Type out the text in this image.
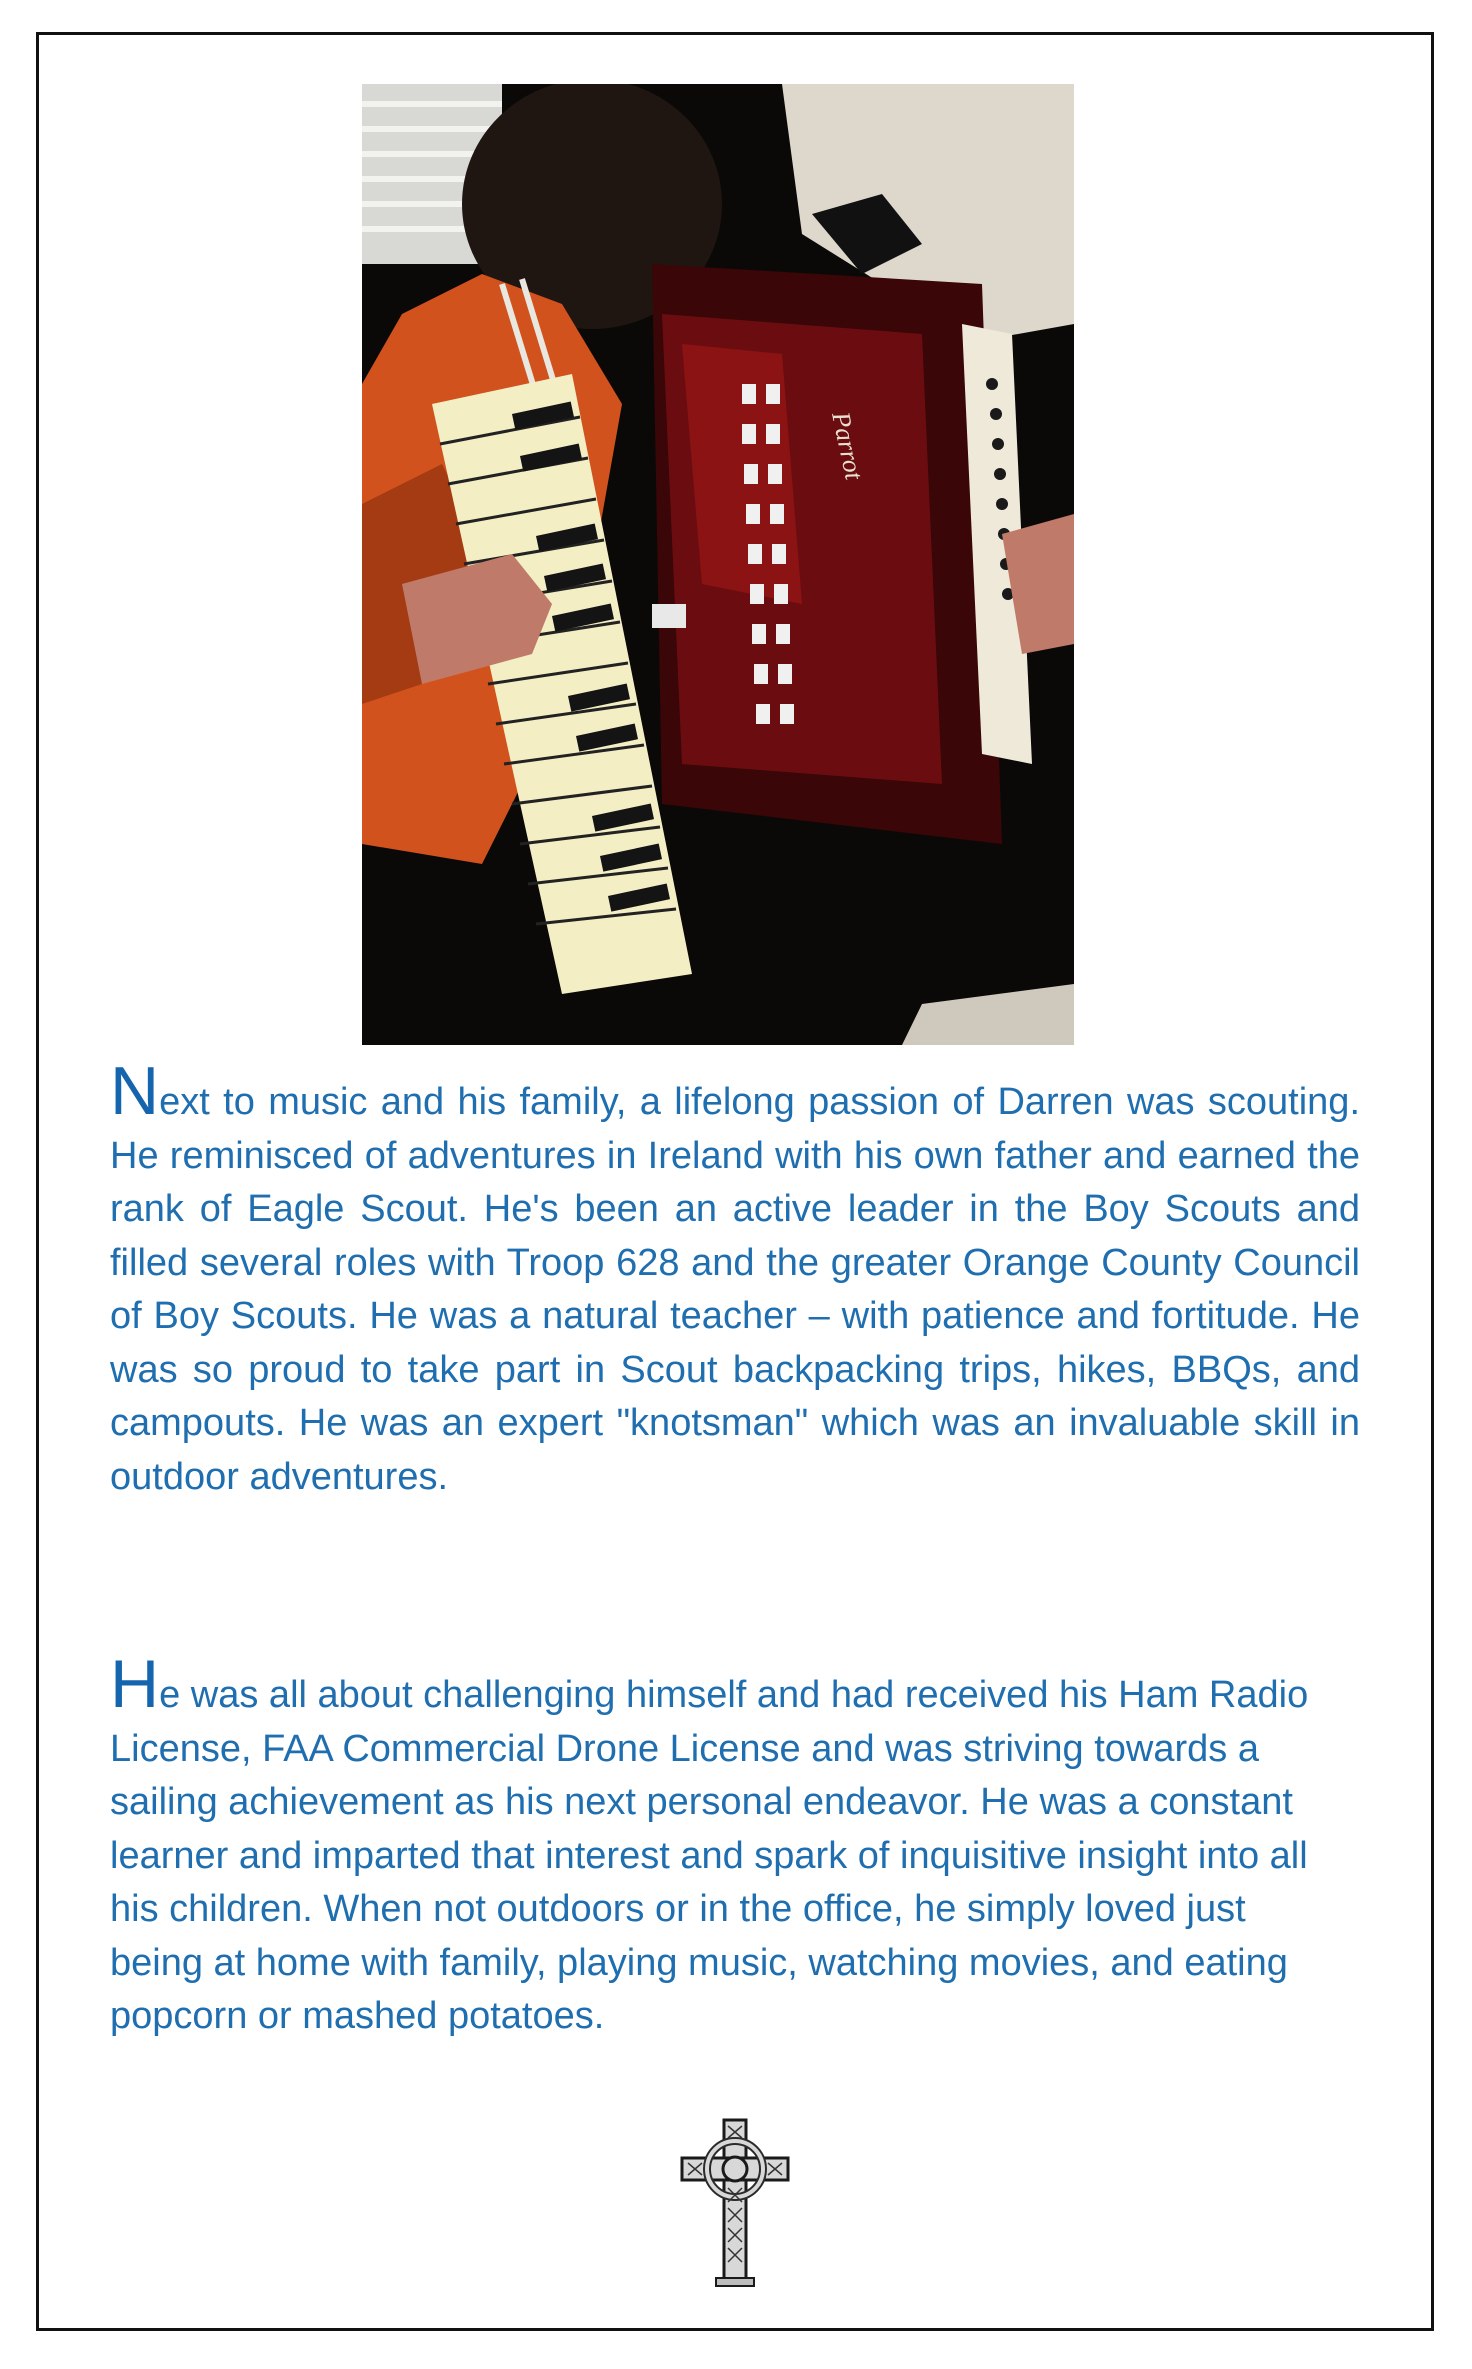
Parrot

Next to music and his family, a lifelong passion of Darren was scouting. He reminisced of adventures in Ireland with his own father and earned the rank of Eagle Scout. He's been an active leader in the Boy Scouts and filled several roles with Troop 628 and the greater Orange County Council of Boy Scouts. He was a natural teacher – with patience and fortitude. He was so proud to take part in Scout backpacking trips, hikes, BBQs, and campouts. He was an expert "knotsman" which was an invaluable skill in outdoor adventures.

He was all about challenging himself and had received his Ham Radio License, FAA Commercial Drone License and was striving towards a sailing achievement as his next personal endeavor. He was a constant learner and imparted that interest and spark of inquisitive insight into all his children. When not outdoors or in the office, he simply loved just being at home with family, playing music, watching movies, and eating popcorn or mashed potatoes.
